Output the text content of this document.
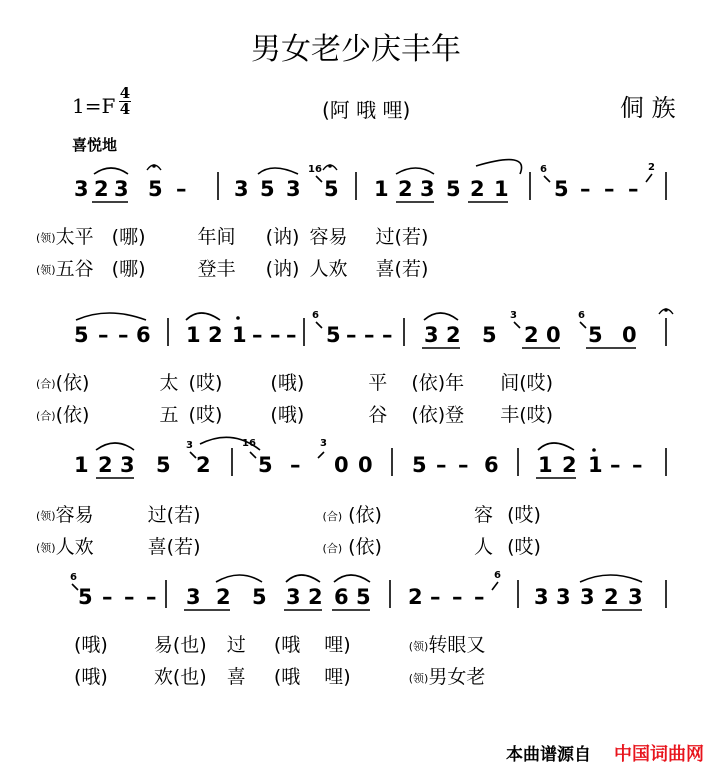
男女老少庆丰年
1=F
4
4	(阿 哦 哩)	侗 族
喜悦地
3 2 3 5 – 3 5 3 5 1 2 3 5 2 1 5 – – –
5 – – 6 1 2 1 – – – 5 – – – 3 2 5 2 0 5 0
1 2 3 5 2 5 – 0 0 5 – – 6 1 2 1 – –
5 – – – 3 2 5 3 2 6 5 2 – – – 3 3 3 2 3
16	6	2
6	3	6
3	16	3
6	6
(领)太平 (哪)	年间 (讷) 容易 过(若)
(领)五谷 (哪)	登丰 (讷) 人欢 喜(若)
(合)(依)	太 (哎)	(哦)	平 (依)年 间(哎)
(合)(依)	五 (哎)	(哦)	谷 (依)登 丰(哎)
(领)容易	过(若)	(合) (依)	容 (哎)
(领)人欢	喜(若)	(合) (依)	人 (哎)
(哦) 易(也) 过 (哦 哩)	(领)转眼又
(哦) 欢(也) 喜 (哦 哩)	(领)男女老
本曲谱源自 中国词曲网
